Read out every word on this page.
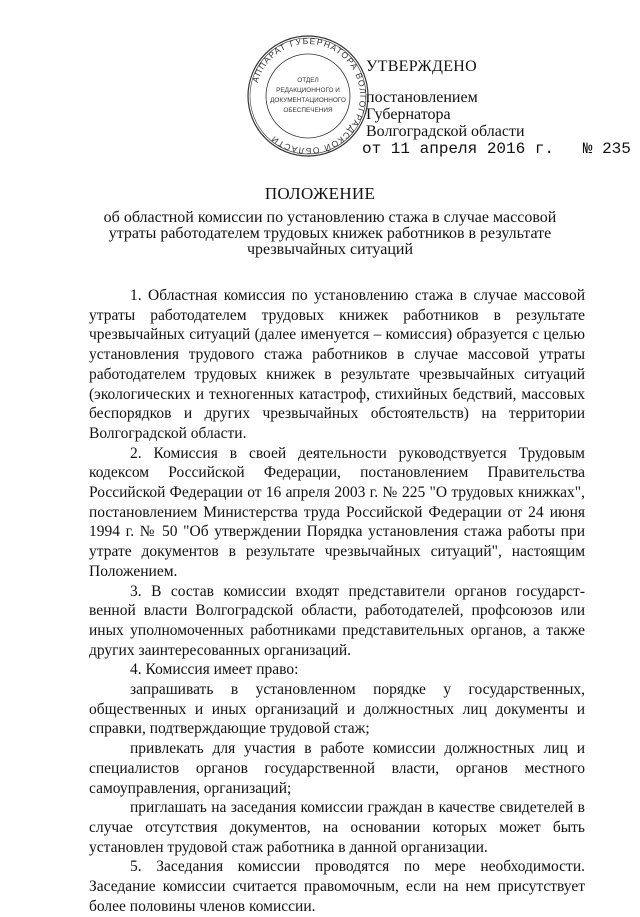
АППАРАТ ГУБЕРНАТОРА ВОЛГОГРАДСКОЙ ОБЛАСТИ
ОТДЕЛ
РЕДАКЦИОННОГО И
ДОКУМЕНТАЦИОННОГО
ОБЕСПЕЧЕНИЯ
УТВЕРЖДЕНО
постановлением
Губернатора
Волгоградской области
от 11 апреля 2016 г. № 235
ПОЛОЖЕНИЕ
об областной комиссии по установлению стажа в случае массовой утраты работодателем трудовых книжек работников в результате чрезвычайных ситуаций

1. Областная комиссия по установлению стажа в случае массовой утраты работодателем трудовых книжек работников в результате чрезвычайных ситуаций (далее именуется – комиссия) образуется с целью установления трудового стажа работников в случае массовой утраты работодателем трудовых книжек в результате чрезвычайных ситуаций (экологических и техногенных катастроф, стихийных бедствий, массовых беспорядков и других чрезвычайных обстоятельств) на территории Волгоградской области.

2. Комиссия в своей деятельности руководствуется Трудовым кодексом Российской Федерации, постановлением Правительства Российской Федерации от 16 апреля 2003 г. № 225 "О трудовых книжках", постановлением Министерства труда Российской Федерации от 24 июня 1994 г. № 50 "Об утверждении Порядка установления стажа работы при утрате документов в результате чрезвычайных ситуаций", настоящим Положением.

3. В состав комиссии входят представители органов государст-венной власти Волгоградской области, работодателей, профсоюзов или иных уполномоченных работниками представительных органов, а также других заинтересованных организаций.

4. Комиссия имеет право:

запрашивать в установленном порядке у государственных, общественных и иных организаций и должностных лиц документы и справки, подтверждающие трудовой стаж;

привлекать для участия в работе комиссии должностных лиц и специалистов органов государственной власти, органов местного самоуправления, организаций;

приглашать на заседания комиссии граждан в качестве свидетелей в случае отсутствия документов, на основании которых может быть установлен трудовой стаж работника в данной организации.

5. Заседания комиссии проводятся по мере необходимости. Заседание комиссии считается правомочным, если на нем присутствует более половины членов комиссии.
